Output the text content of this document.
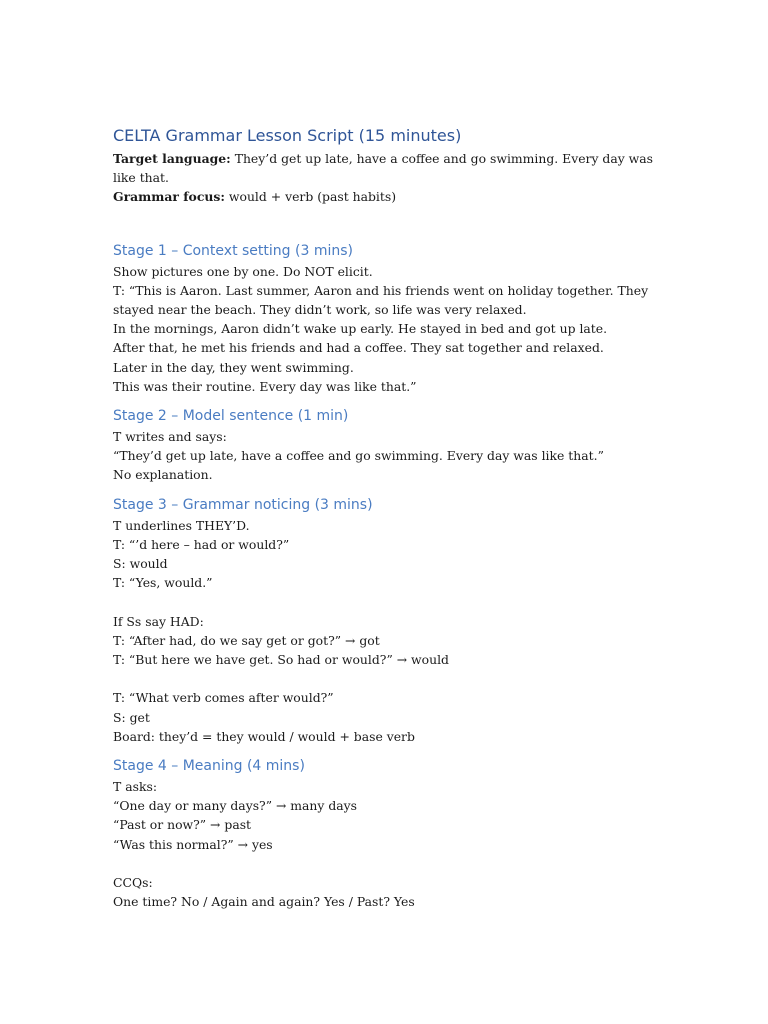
CELTA Grammar Lesson Script (15 minutes)

Target language: They’d get up late, have a coffee and go swimming. Every day was like that.

Grammar focus: would + verb (past habits)

Stage 1 – Context setting (3 mins)

Show pictures one by one. Do NOT elicit.

T: “This is Aaron. Last summer, Aaron and his friends went on holiday together. They stayed near the beach. They didn’t work, so life was very relaxed.

In the mornings, Aaron didn’t wake up early. He stayed in bed and got up late.

After that, he met his friends and had a coffee. They sat together and relaxed.

Later in the day, they went swimming.

This was their routine. Every day was like that.”

Stage 2 – Model sentence (1 min)

T writes and says:

“They’d get up late, have a coffee and go swimming. Every day was like that.”

No explanation.

Stage 3 – Grammar noticing (3 mins)

T underlines THEY’D.

T: “’d here – had or would?”

S: would

T: “Yes, would.”

If Ss say HAD:

T: “After had, do we say get or got?” → got

T: “But here we have get. So had or would?” → would

T: “What verb comes after would?”

S: get

Board: they’d = they would / would + base verb

Stage 4 – Meaning (4 mins)

T asks:

“One day or many days?” → many days

“Past or now?” → past

“Was this normal?” → yes

CCQs:

One time? No / Again and again? Yes / Past? Yes
